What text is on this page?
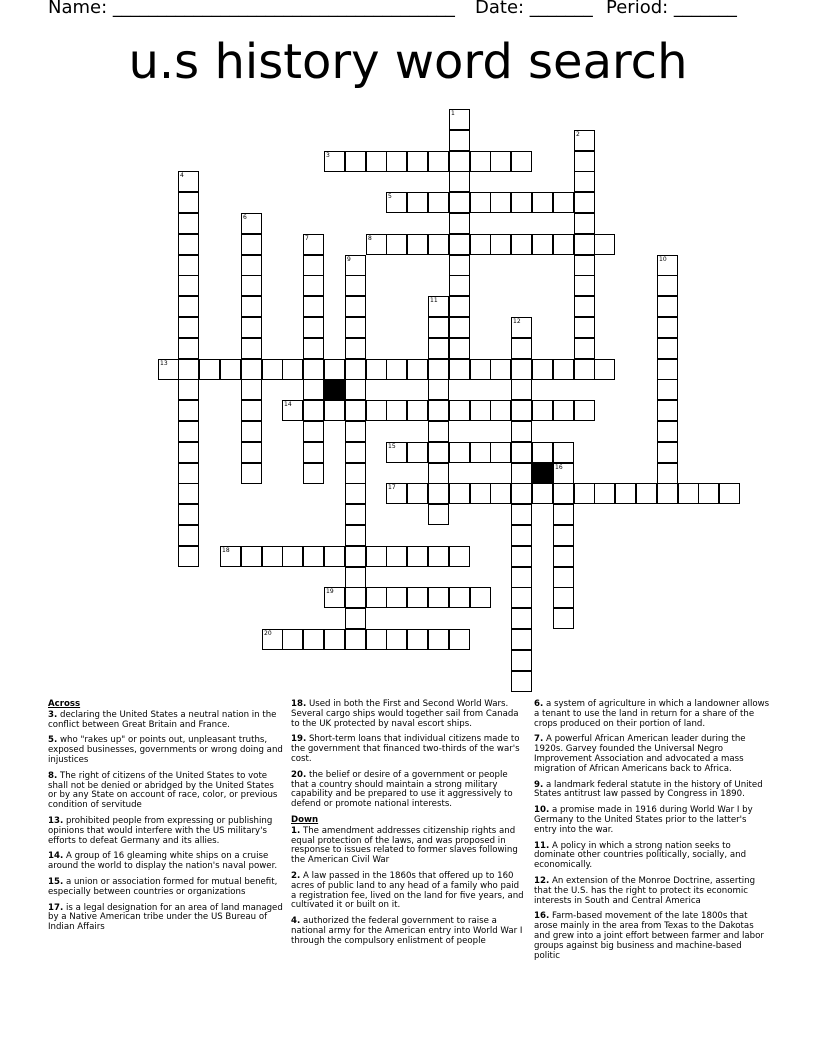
Name: ______________________________________ Date: _______ Period: _______
u.s history word search
1
2
3
4
5
6
7	8
9	10
11
12
13
14
15
16
17
18
19
20

Across

3. declaring the United States a neutral nation in the conflict between Great Britain and France.

5. who "rakes up" or points out, unpleasant truths, exposed businesses, governments or wrong doing and injustices

8. The right of citizens of the United States to vote shall not be denied or abridged by the United States or by any State on account of race, color, or previous condition of servitude

13. prohibited people from expressing or publishing opinions that would interfere with the US military's efforts to defeat Germany and its allies.

14. A group of 16 gleaming white ships on a cruise around the world to display the nation's naval power.

15. a union or association formed for mutual benefit, especially between countries or organizations

17. is a legal designation for an area of land managed by a Native American tribe under the US Bureau of Indian Affairs

18. Used in both the First and Second World Wars. Several cargo ships would together sail from Canada to the UK protected by naval escort ships.

19. Short-term loans that individual citizens made to the government that financed two-thirds of the war's cost.

20. the belief or desire of a government or people that a country should maintain a strong military capability and be prepared to use it aggressively to defend or promote national interests.

Down

1. The amendment addresses citizenship rights and equal protection of the laws, and was proposed in response to issues related to former slaves following the American Civil War

2. A law passed in the 1860s that offered up to 160 acres of public land to any head of a family who paid a registration fee, lived on the land for five years, and cultivated it or built on it.

4. authorized the federal government to raise a national army for the American entry into World War I through the compulsory enlistment of people

6. a system of agriculture in which a landowner allows a tenant to use the land in return for a share of the crops produced on their portion of land.

7. A powerful African American leader during the 1920s. Garvey founded the Universal Negro Improvement Association and advocated a mass migration of African Americans back to Africa.

9. a landmark federal statute in the history of United States antitrust law passed by Congress in 1890.

10. a promise made in 1916 during World War I by Germany to the United States prior to the latter's entry into the war.

11. A policy in which a strong nation seeks to dominate other countries politically, socially, and economically.

12. An extension of the Monroe Doctrine, asserting that the U.S. has the right to protect its economic interests in South and Central America

16. Farm-based movement of the late 1800s that arose mainly in the area from Texas to the Dakotas and grew into a joint effort between farmer and labor groups against big business and machine-based politic
